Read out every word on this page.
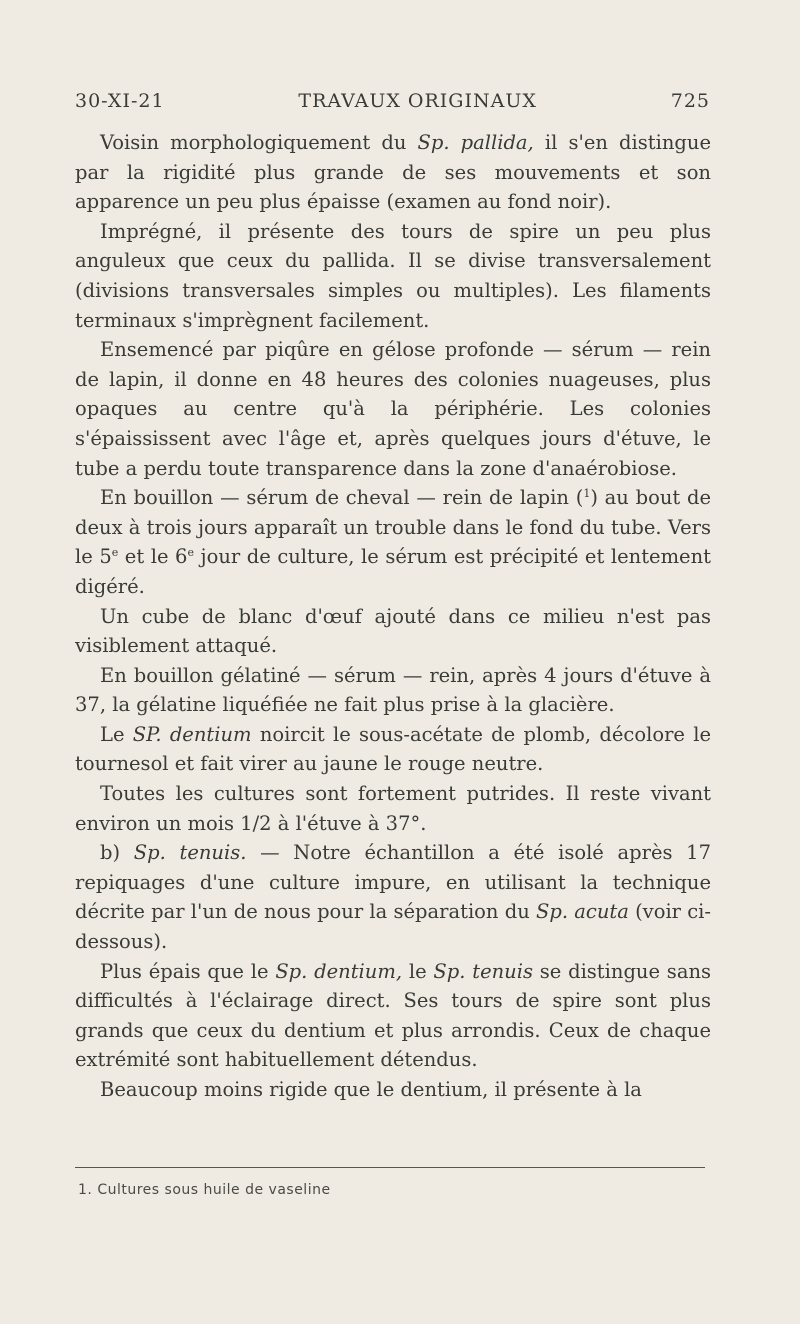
30-XI-21	TRAVAUX ORIGINAUX	725

Voisin morphologiquement du Sp. pallida, il s'en distingue par la rigidité plus grande de ses mouvements et son apparence un peu plus épaisse (examen au fond noir).

Imprégné, il présente des tours de spire un peu plus anguleux que ceux du pallida. Il se divise transversalement (divisions transversales simples ou multiples). Les filaments terminaux s'imprègnent facilement.

Ensemencé par piqûre en gélose profonde — sérum — rein de lapin, il donne en 48 heures des colonies nuageuses, plus opaques au centre qu'à la périphérie. Les colonies s'épaississent avec l'âge et, après quelques jours d'étuve, le tube a perdu toute transparence dans la zone d'anaérobiose.

En bouillon — sérum de cheval — rein de lapin ($^1$) au bout de deux à trois jours apparaît un trouble dans le fond du tube. Vers le 5e et le 6e jour de culture, le sérum est précipité et lentement digéré.

Un cube de blanc d'œuf ajouté dans ce milieu n'est pas visiblement attaqué.

En bouillon gélatiné — sérum — rein, après 4 jours d'étuve à 37, la gélatine liquéfiée ne fait plus prise à la glacière.

Le SP. dentium noircit le sous-acétate de plomb, décolore le tournesol et fait virer au jaune le rouge neutre.

Toutes les cultures sont fortement putrides. Il reste vivant environ un mois 1/2 à l'étuve à 37°.

b) Sp. tenuis. — Notre échantillon a été isolé après 17 repiquages d'une culture impure, en utilisant la technique décrite par l'un de nous pour la séparation du Sp. acuta (voir ci-dessous).

Plus épais que le Sp. dentium, le Sp. tenuis se distingue sans difficultés à l'éclairage direct. Ses tours de spire sont plus grands que ceux du dentium et plus arrondis. Ceux de chaque extrémité sont habituellement détendus.

Beaucoup moins rigide que le dentium, il présente à la

1. Cultures sous huile de vaseline
